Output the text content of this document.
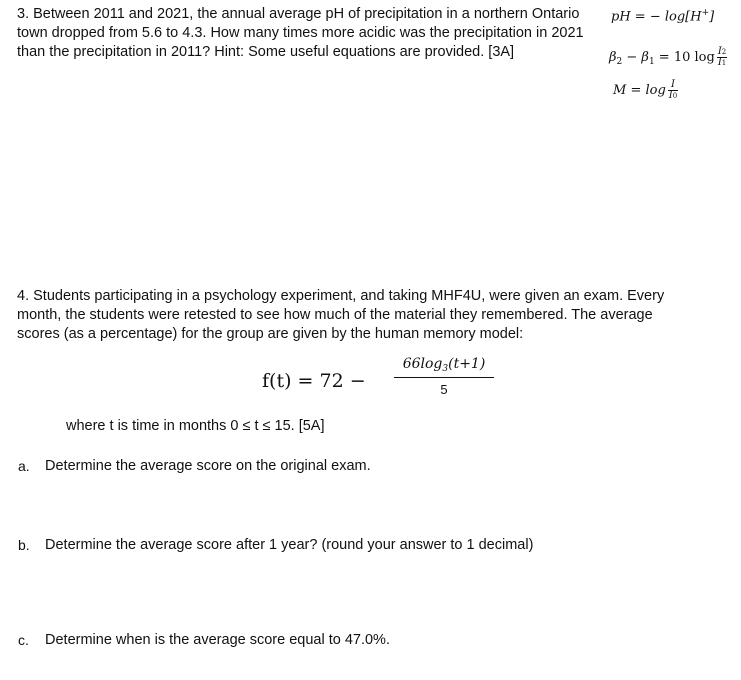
3. Between 2011 and 2021, the annual average pH of precipitation in a northern Ontario
town dropped from 5.6 to 4.3. How many times more acidic was the precipitation in 2021
than the precipitation in 2011? Hint: Some useful equations are provided. [3A]
pH = − log[H+]
$\beta_2 - \beta_1 = 10$ $\log \frac{I2}{I1}$
$M = \log \frac{I}{I0}$
4. Students participating in a psychology experiment, and taking MHF4U, were given an exam. Every
month, the students were retested to see how much of the material they remembered. The average
scores (as a percentage) for the group are given by the human memory model:
$f(t) = 72 - \frac{66\log_3(t+1)}{5}$
where t is time in months 0 ≤ t ≤ 15. [5A]
a. Determine the average score on the original exam.
b. Determine the average score after 1 year? (round your answer to 1 decimal)
c. Determine when is the average score equal to 47.0%.
